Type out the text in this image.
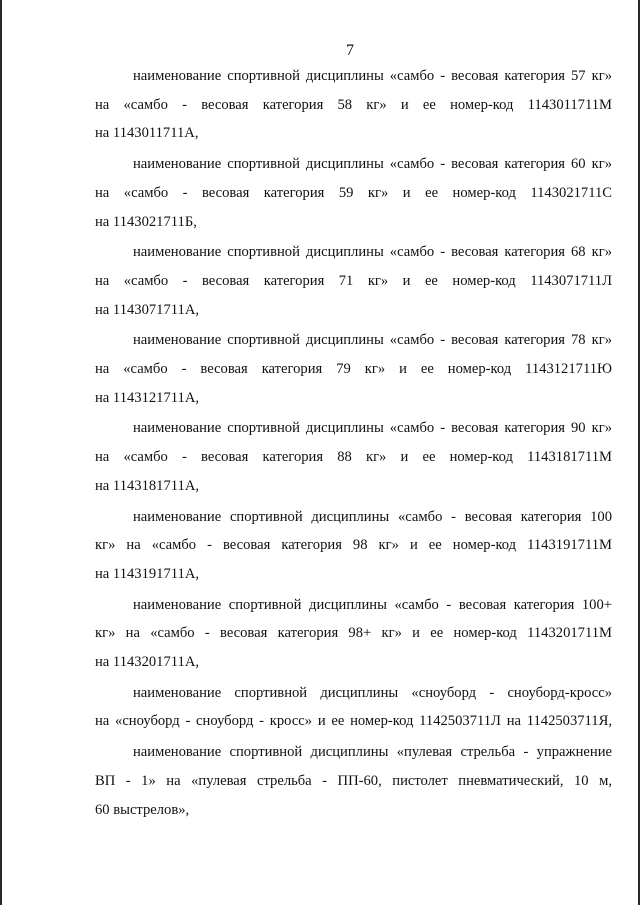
7
наименование спортивной дисциплины «самбо - весовая категория 57 кг»
на «самбо - весовая категория 58 кг» и ее номер-код 1143011711М
на 1143011711А,
наименование спортивной дисциплины «самбо - весовая категория 60 кг»
на «самбо - весовая категория 59 кг» и ее номер-код 1143021711С
на 1143021711Б,
наименование спортивной дисциплины «самбо - весовая категория 68 кг»
на «самбо - весовая категория 71 кг» и ее номер-код 1143071711Л
на 1143071711А,
наименование спортивной дисциплины «самбо - весовая категория 78 кг»
на «самбо - весовая категория 79 кг» и ее номер-код 1143121711Ю
на 1143121711А,
наименование спортивной дисциплины «самбо - весовая категория 90 кг»
на «самбо - весовая категория 88 кг» и ее номер-код 1143181711М
на 1143181711А,
наименование спортивной дисциплины «самбо - весовая категория 100
кг» на «самбо - весовая категория 98 кг» и ее номер-код 1143191711М
на 1143191711А,
наименование спортивной дисциплины «самбо - весовая категория 100+
кг» на «самбо - весовая категория 98+ кг» и ее номер-код 1143201711М
на 1143201711А,
наименование спортивной дисциплины «сноуборд - сноуборд-кросс»
на «сноуборд - сноуборд - кросс» и ее номер-код 1142503711Л на 1142503711Я,
наименование спортивной дисциплины «пулевая стрельба - упражнение
ВП - 1» на «пулевая стрельба - ПП-60, пистолет пневматический, 10 м,
60 выстрелов»,
